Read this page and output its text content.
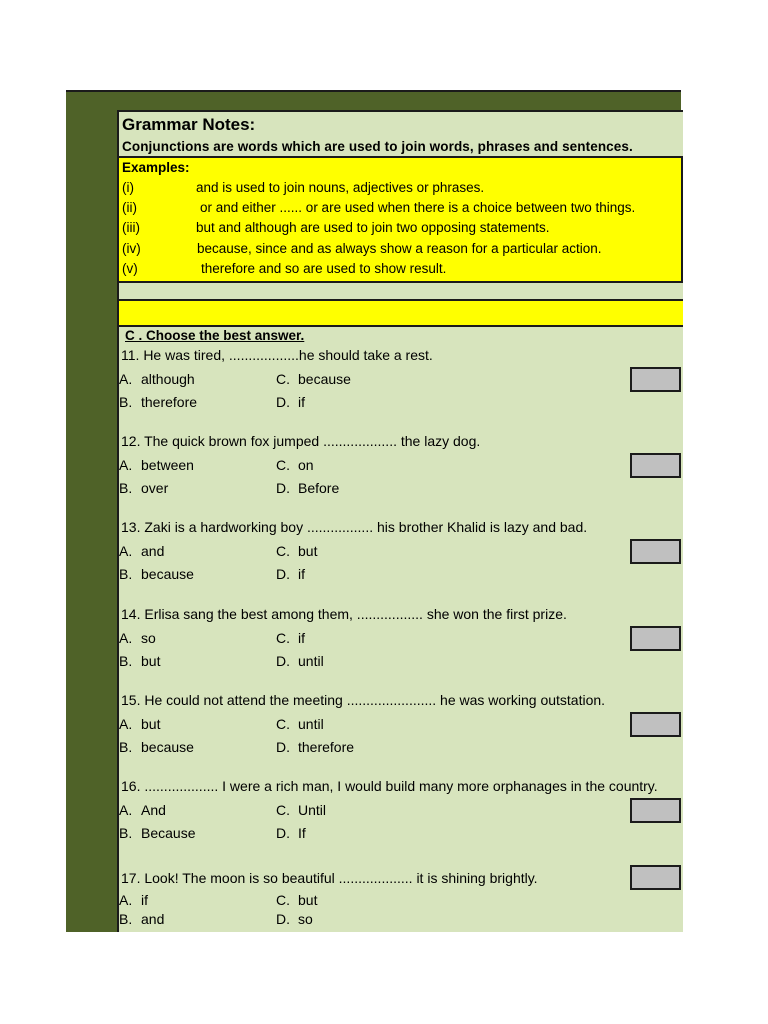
Grammar Notes:
Conjunctions are words which are used to join words, phrases and sentences.
Examples:
(i)	and is used to join nouns, adjectives or phrases.
(ii)	or and either ...... or are used when there is a choice between two things.
(iii)	but and although are used to join two opposing statements.
(iv)	because, since and as always show a reason for a particular action.
(v)	therefore and so are used to show result.
C . Choose the best answer.
11. He was tired, ..................he should take a rest.
A. although	C. because
B. therefore	D. if
12. The quick brown fox jumped ................... the lazy dog.
A. between	C. on
B. over	D. Before
13. Zaki is a hardworking boy ................. his brother Khalid is lazy and bad.
A. and	C. but
B. because	D. if
14. Erlisa sang the best among them, ................. she won the first prize.
A. so	C. if
B. but	D. until
15. He could not attend the meeting ....................... he was working outstation.
A. but	C. until
B. because	D. therefore
16. ................... I were a rich man, I would build many more orphanages in the country.
A. And	C. Until
B. Because	D. If
17. Look! The moon is so beautiful ................... it is shining brightly.
A. if	C. but
B. and	D. so
